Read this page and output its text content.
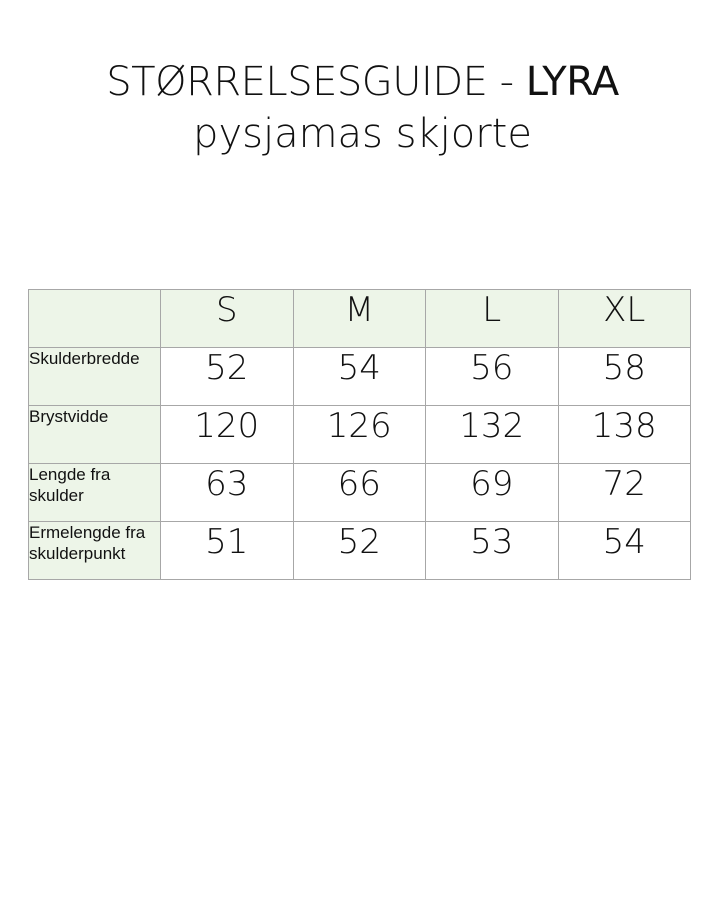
STØRRELSESGUIDE - LYRA
pysjamas skjorte
	S	M	L	XL
Skulderbredde	52	54	56	58
Brystvidde	120	126	132	138
Lengde fra skulder	63	66	69	72
Ermelengde fra skulderpunkt	51	52	53	54
